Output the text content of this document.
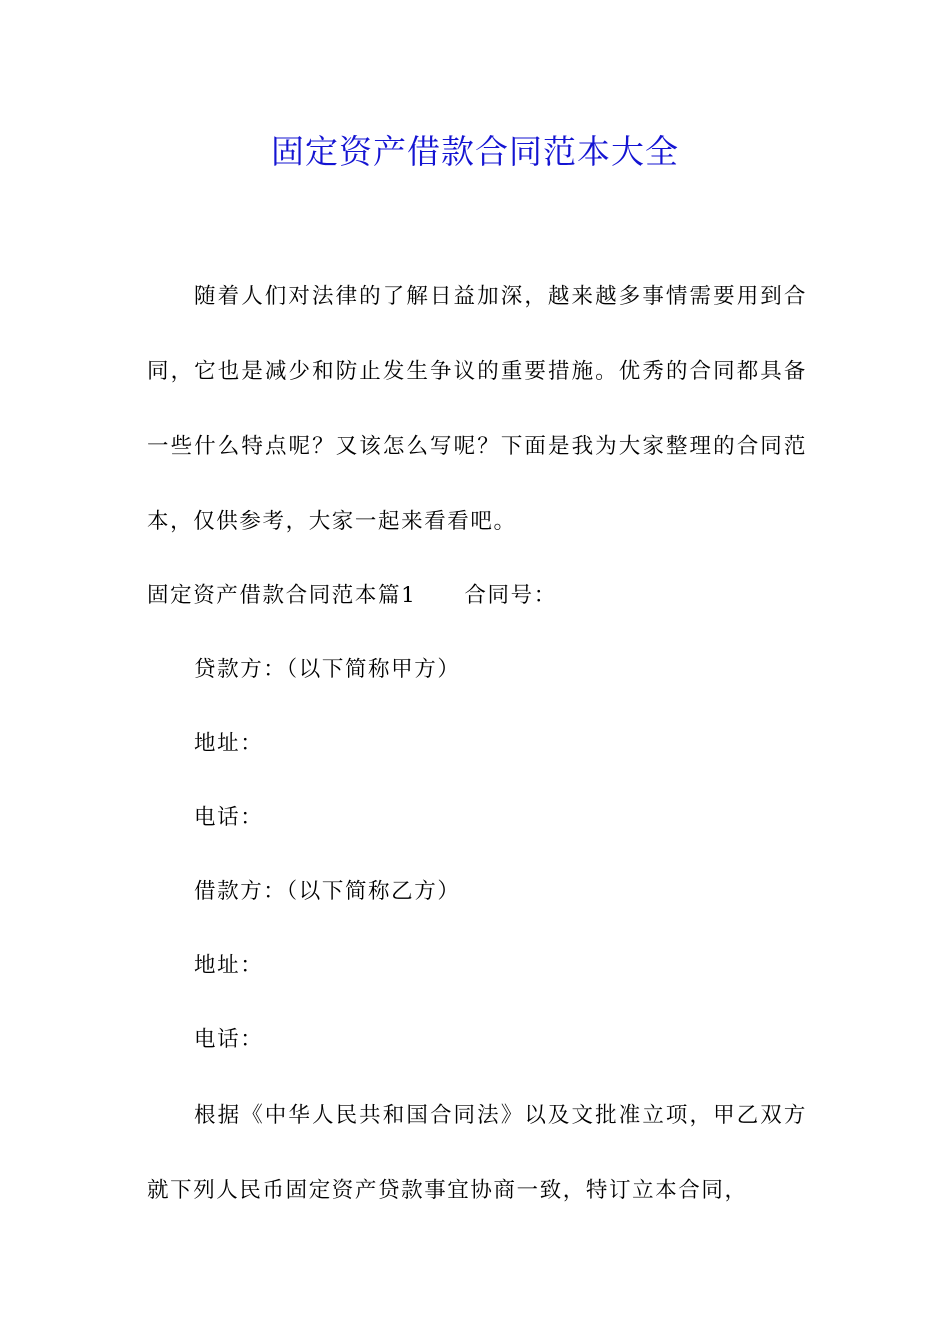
固定资产借款合同范本大全

随着人们对法律的了解日益加深，越来越多事情需要用到合同，它也是减少和防止发生争议的重要措施。优秀的合同都具备一些什么特点呢？又该怎么写呢？下面是我为大家整理的合同范本，仅供参考，大家一起来看看吧。

固定资产借款合同范本篇1 合同号：
贷款方：（以下简称甲方）
地址：
电话：
借款方：（以下简称乙方）
地址：
电话：

根据《中华人民共和国合同法》以及文批准立项，甲乙双方就下列人民币固定资产贷款事宜协商一致，特订立本合同，
